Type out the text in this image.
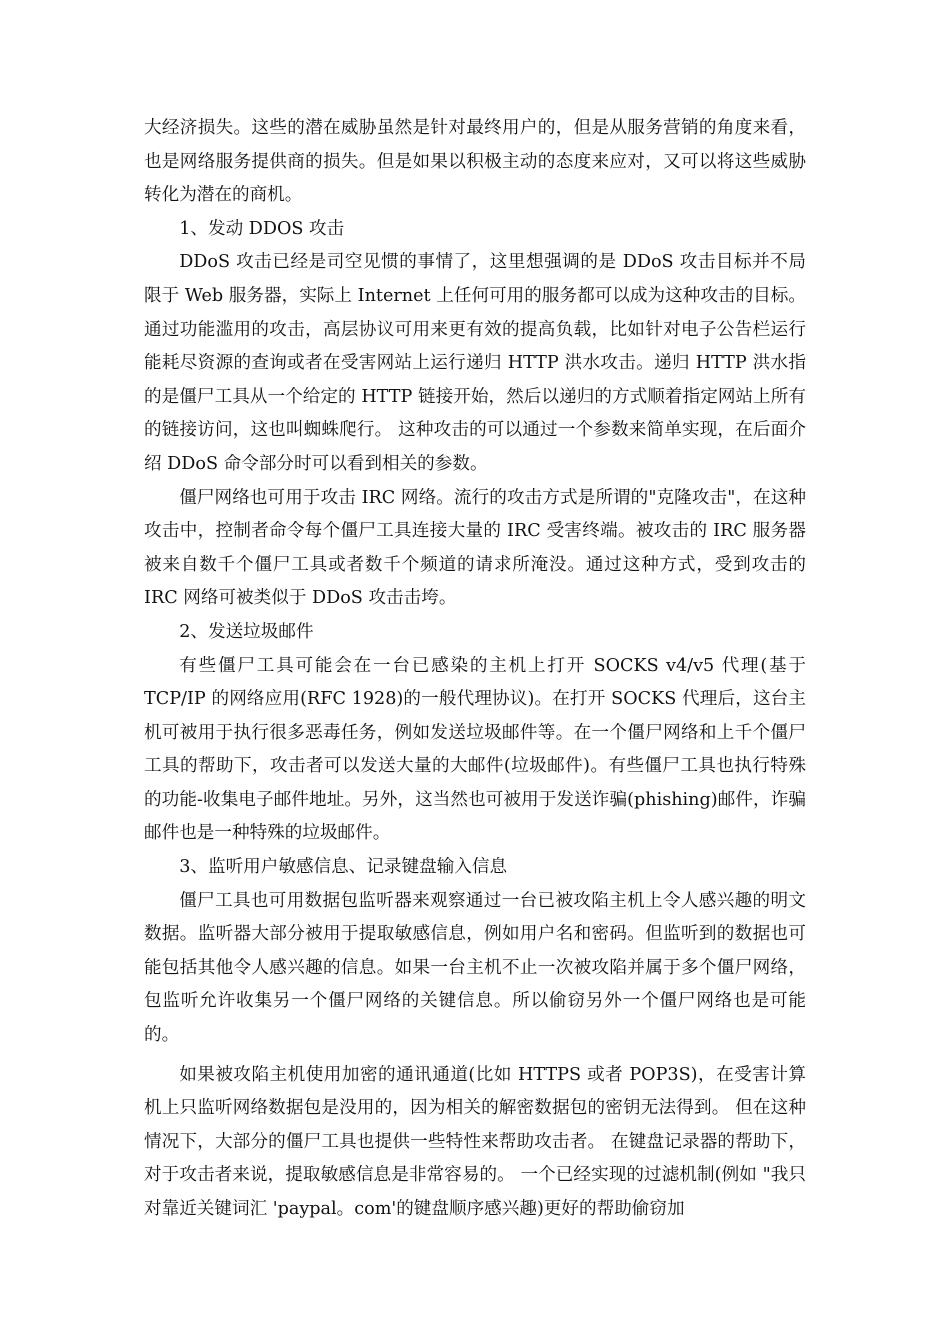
大经济损失。这些的潜在威胁虽然是针对最终用户的，但是从服务营销的角度来看，也是网络服务提供商的损失。但是如果以积极主动的态度来应对，又可以将这些威胁转化为潜在的商机。

1、发动 DDOS 攻击

DDoS 攻击已经是司空见惯的事情了，这里想强调的是 DDoS 攻击目标并不局限于 Web 服务器，实际上 Internet 上任何可用的服务都可以成为这种攻击的目标。通过功能滥用的攻击，高层协议可用来更有效的提高负载，比如针对电子公告栏运行能耗尽资源的查询或者在受害网站上运行递归 HTTP 洪水攻击。递归 HTTP 洪水指的是僵尸工具从一个给定的 HTTP 链接开始，然后以递归的方式顺着指定网站上所有的链接访问，这也叫蜘蛛爬行。 这种攻击的可以通过一个参数来简单实现，在后面介绍 DDoS 命令部分时可以看到相关的参数。

僵尸网络也可用于攻击 IRC 网络。流行的攻击方式是所谓的"克隆攻击"，在这种攻击中，控制者命令每个僵尸工具连接大量的 IRC 受害终端。被攻击的 IRC 服务器被来自数千个僵尸工具或者数千个频道的请求所淹没。通过这种方式，受到攻击的 IRC 网络可被类似于 DDoS 攻击击垮。

2、发送垃圾邮件

有些僵尸工具可能会在一台已感染的主机上打开 SOCKS v4/v5 代理(基于 TCP/IP 的网络应用(RFC 1928)的一般代理协议)。在打开 SOCKS 代理后，这台主机可被用于执行很多恶毒任务，例如发送垃圾邮件等。在一个僵尸网络和上千个僵尸工具的帮助下，攻击者可以发送大量的大邮件(垃圾邮件)。有些僵尸工具也执行特殊的功能-收集电子邮件地址。另外，这当然也可被用于发送诈骗(phishing)邮件，诈骗邮件也是一种特殊的垃圾邮件。

3、监听用户敏感信息、记录键盘输入信息

僵尸工具也可用数据包监听器来观察通过一台已被攻陷主机上令人感兴趣的明文数据。监听器大部分被用于提取敏感信息，例如用户名和密码。但监听到的数据也可能包括其他令人感兴趣的信息。如果一台主机不止一次被攻陷并属于多个僵尸网络，包监听允许收集另一个僵尸网络的关键信息。所以偷窃另外一个僵尸网络也是可能的。

如果被攻陷主机使用加密的通讯通道(比如 HTTPS 或者 POP3S)，在受害计算机上只监听网络数据包是没用的，因为相关的解密数据包的密钥无法得到。 但在这种情况下，大部分的僵尸工具也提供一些特性来帮助攻击者。 在键盘记录器的帮助下，对于攻击者来说，提取敏感信息是非常容易的。 一个已经实现的过滤机制(例如 "我只对靠近关键词汇 'paypal。com'的键盘顺序感兴趣)更好的帮助偷窃加
